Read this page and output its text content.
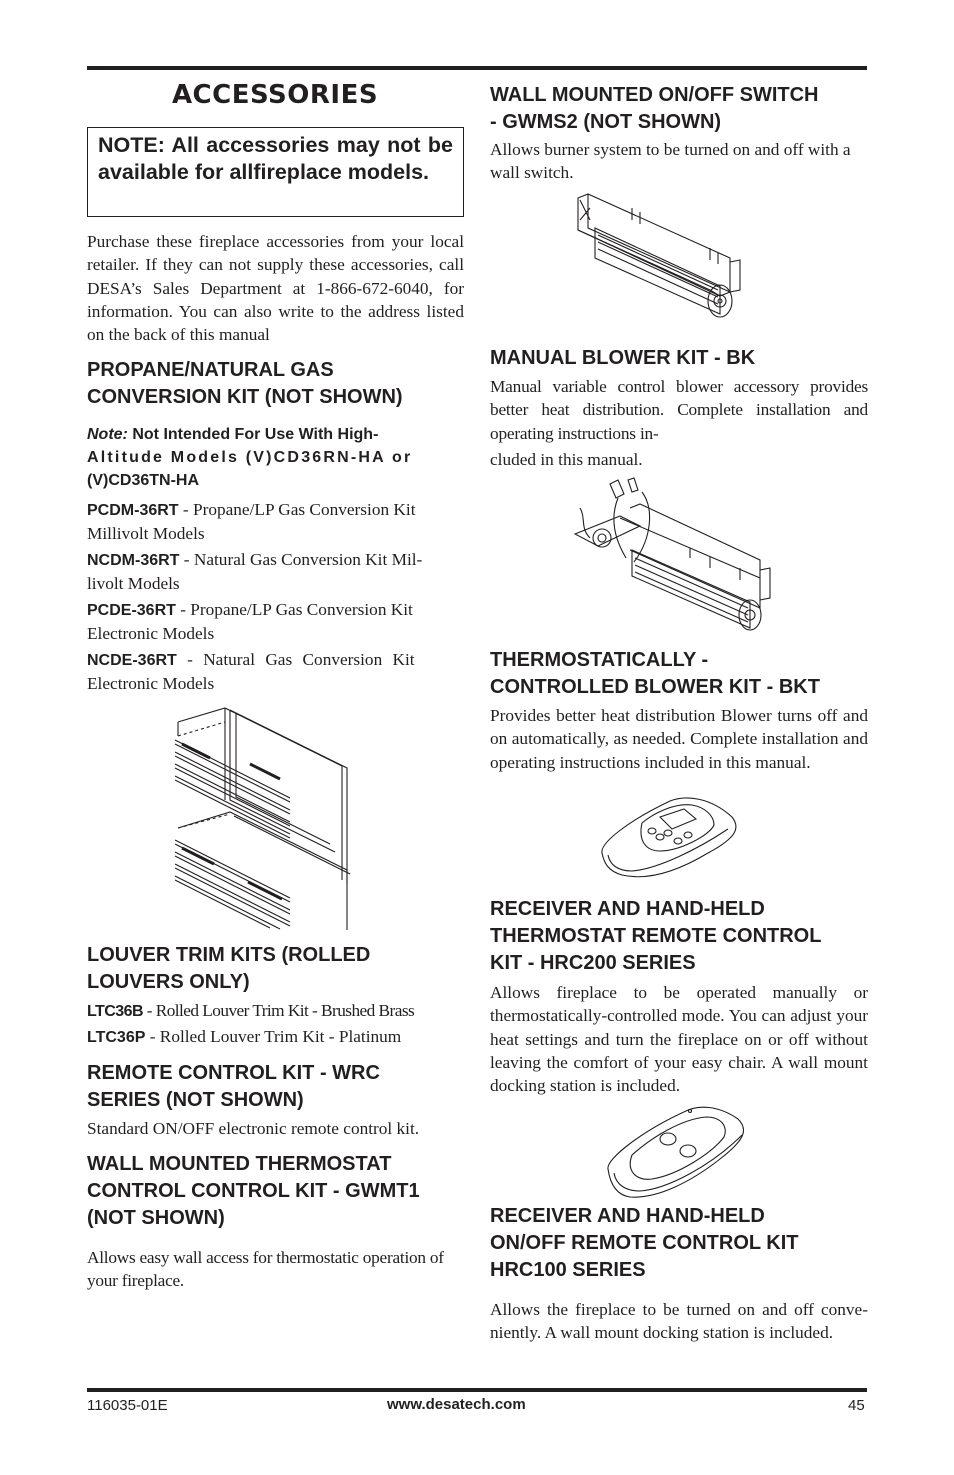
ACCESSORIES

NOTE: All accessories may not be available for allfireplace models.

Purchase these fireplace accessories from your local retailer. If they can not supply these accessories, call DESA’s Sales Department at 1-866-672-6040, for information. You can also write to the address listed on the back of this manual

PROPANE/NATURAL GAS

CONVERSION KIT (NOT SHOWN)

Note: Not Intended For Use With High-
Altitude Models (V)CD36RN-HA or
(V)CD36TN-HA

PCDM-36RT - Propane/LP Gas Conversion Kit

Millivolt Models

NCDM-36RT - Natural Gas Conversion Kit Mil-

livolt Models

PCDE-36RT - Propane/LP Gas Conversion Kit

Electronic Models

NCDE-36RT - Natural Gas Conversion Kit

Electronic Models

LOUVER TRIM KITS (ROLLED

LOUVERS ONLY)

LTC36B - Rolled Louver Trim Kit - Brushed Brass

LTC36P - Rolled Louver Trim Kit - Platinum

REMOTE CONTROL KIT - WRC

SERIES (NOT SHOWN)

Standard ON/OFF electronic remote control kit.

WALL MOUNTED THERMOSTAT

CONTROL CONTROL KIT - GWMT1

(NOT SHOWN)

Allows easy wall access for thermostatic operation of your fireplace.

WALL MOUNTED ON/OFF SWITCH

- GWMS2 (NOT SHOWN)

Allows burner system to be turned on and off with a wall switch.

MANUAL BLOWER KIT - BK

Manual variable control blower accessory provides better heat distribution. Complete installation and operating instructions in-

cluded in this manual.

THERMOSTATICALLY -

CONTROLLED BLOWER KIT - BKT

Provides better heat distribution Blower turns off and on automatically, as needed. Complete installation and operating instructions included in this manual.

RECEIVER AND HAND-HELD

THERMOSTAT REMOTE CONTROL

KIT - HRC200 SERIES

Allows fireplace to be operated manually or thermostatically-controlled mode. You can adjust your heat settings and turn the fireplace on or off without leaving the comfort of your easy chair. A wall mount docking station is included.

RECEIVER AND HAND-HELD

ON/OFF REMOTE CONTROL KIT

HRC100 SERIES

Allows the fireplace to be turned on and off conve-niently. A wall mount docking station is included.

116035-01E	www.desatech.com	45
